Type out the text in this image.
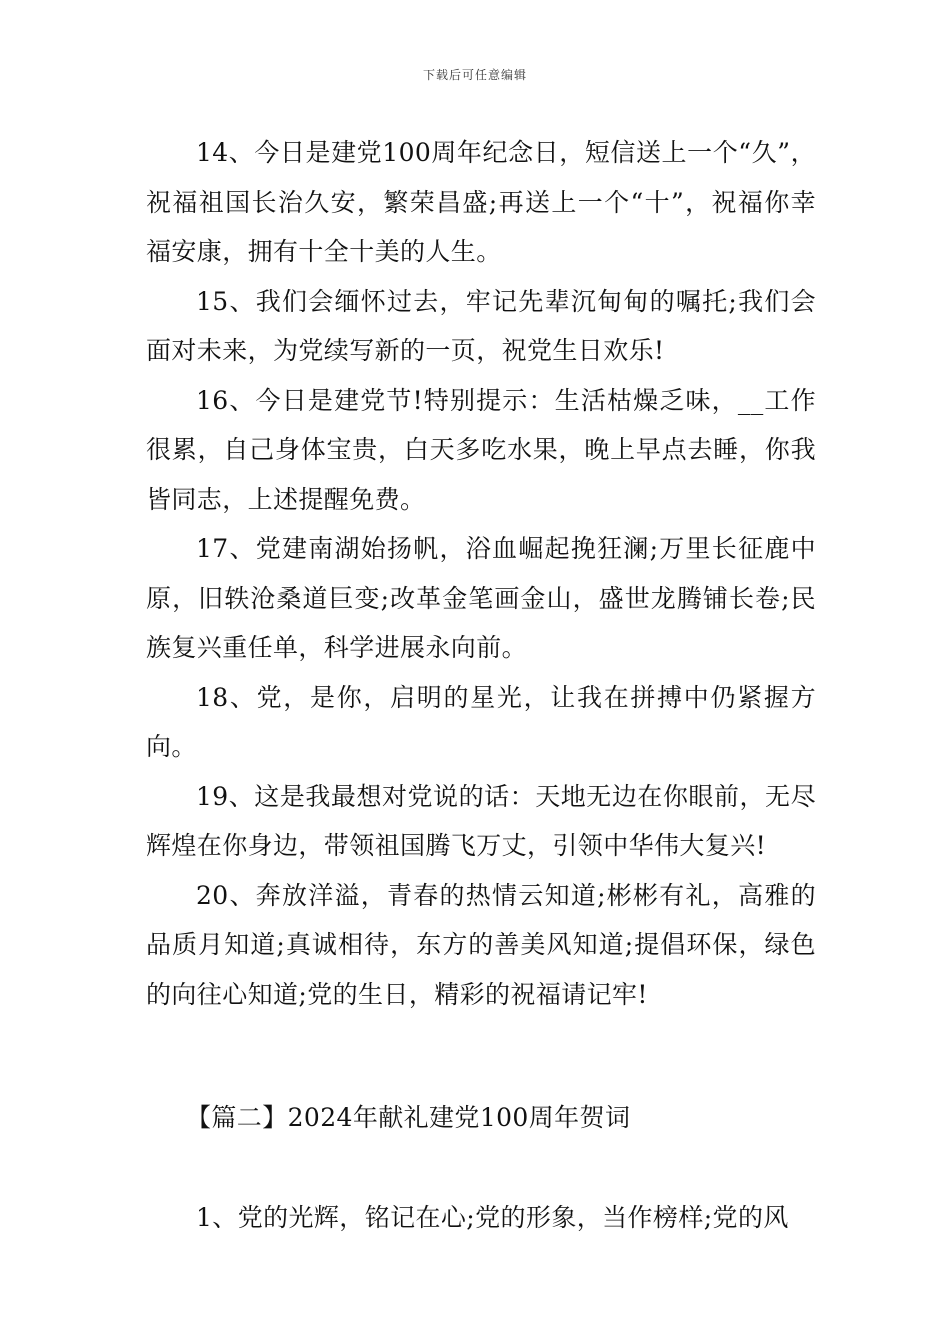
下载后可任意编辑

14、今日是建党100周年纪念日，短信送上一个“久”，祝福祖国长治久安，繁荣昌盛;再送上一个“十”，祝福你幸福安康，拥有十全十美的人生。

15、我们会缅怀过去，牢记先辈沉甸甸的嘱托;我们会面对未来，为党续写新的一页，祝党生日欢乐!

16、今日是建党节!特别提示：生活枯燥乏味，__工作很累，自己身体宝贵，白天多吃水果，晚上早点去睡，你我皆同志，上述提醒免费。

17、党建南湖始扬帆，浴血崛起挽狂澜;万里长征鹿中原，旧轶沧桑道巨变;改革金笔画金山，盛世龙腾铺长卷;民族复兴重任单，科学进展永向前。

18、党，是你，启明的星光，让我在拼搏中仍紧握方向。

19、这是我最想对党说的话：天地无边在你眼前，无尽辉煌在你身边，带领祖国腾飞万丈，引领中华伟大复兴!

20、奔放洋溢，青春的热情云知道;彬彬有礼，高雅的品质月知道;真诚相待，东方的善美风知道;提倡环保，绿色的向往心知道;党的生日，精彩的祝福请记牢!

【篇二】2024年献礼建党100周年贺词

1、党的光辉，铭记在心;党的形象，当作榜样;党的风
